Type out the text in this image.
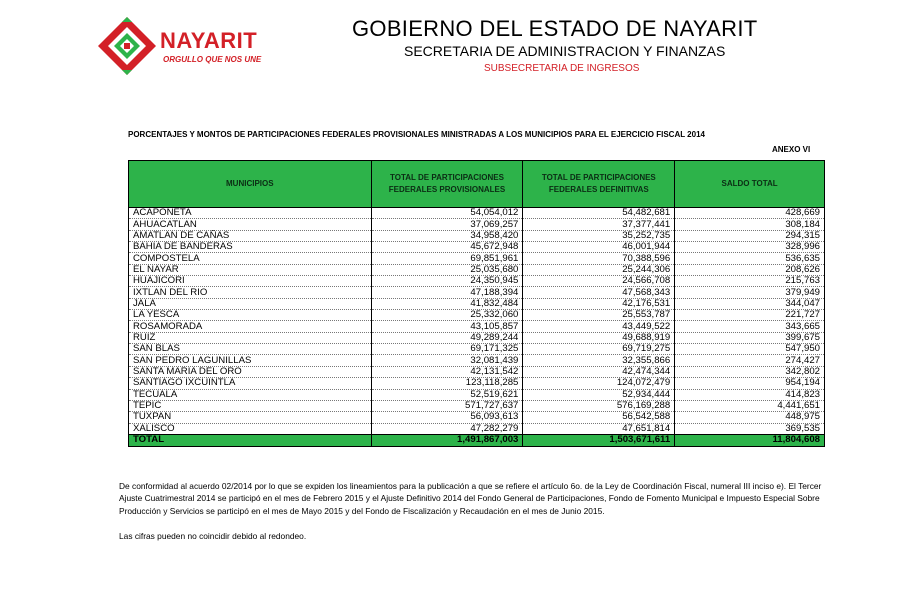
NAYARIT
ORGULLO QUE NOS UNE
GOBIERNO DEL ESTADO DE NAYARIT
SECRETARIA DE ADMINISTRACION Y FINANZAS
SUBSECRETARIA DE INGRESOS
PORCENTAJES Y MONTOS DE PARTICIPACIONES FEDERALES PROVISIONALES MINISTRADAS A LOS MUNICIPIOS PARA EL EJERCICIO FISCAL 2014
ANEXO VI
MUNICIPIOS	TOTAL DE PARTICIPACIONES FEDERALES PROVISIONALES	TOTAL DE PARTICIPACIONES FEDERALES DEFINITIVAS	SALDO TOTAL
ACAPONETA	54,054,012	54,482,681	428,669
AHUACATLAN	37,069,257	37,377,441	308,184
AMATLAN DE CAÑAS	34,958,420	35,252,735	294,315
BAHIA DE BANDERAS	45,672,948	46,001,944	328,996
COMPOSTELA	69,851,961	70,388,596	536,635
EL NAYAR	25,035,680	25,244,306	208,626
HUAJICORI	24,350,945	24,566,708	215,763
IXTLAN DEL RIO	47,188,394	47,568,343	379,949
JALA	41,832,484	42,176,531	344,047
LA YESCA	25,332,060	25,553,787	221,727
ROSAMORADA	43,105,857	43,449,522	343,665
RUIZ	49,289,244	49,688,919	399,675
SAN BLAS	69,171,325	69,719,275	547,950
SAN PEDRO LAGUNILLAS	32,081,439	32,355,866	274,427
SANTA MARIA DEL ORO	42,131,542	42,474,344	342,802
SANTIAGO IXCUINTLA	123,118,285	124,072,479	954,194
TECUALA	52,519,621	52,934,444	414,823
TEPIC	571,727,637	576,169,288	4,441,651
TUXPAN	56,093,613	56,542,588	448,975
XALISCO	47,282,279	47,651,814	369,535
TOTAL	1,491,867,003	1,503,671,611	11,804,608
De conformidad al acuerdo 02/2014 por lo que se expiden los lineamientos para la publicación a que se refiere el artículo 6o. de la Ley de Coordinación Fiscal, numeral III inciso e). El Tercer Ajuste Cuatrimestral 2014 se participó en el mes de Febrero 2015 y el Ajuste Definitivo 2014 del Fondo General de Participaciones, Fondo de Fomento Municipal e Impuesto Especial Sobre Producción y Servicios se participó en el mes de Mayo 2015 y del Fondo de Fiscalización y Recaudación en el mes de Junio 2015.
Las cifras pueden no coincidir debido al redondeo.
